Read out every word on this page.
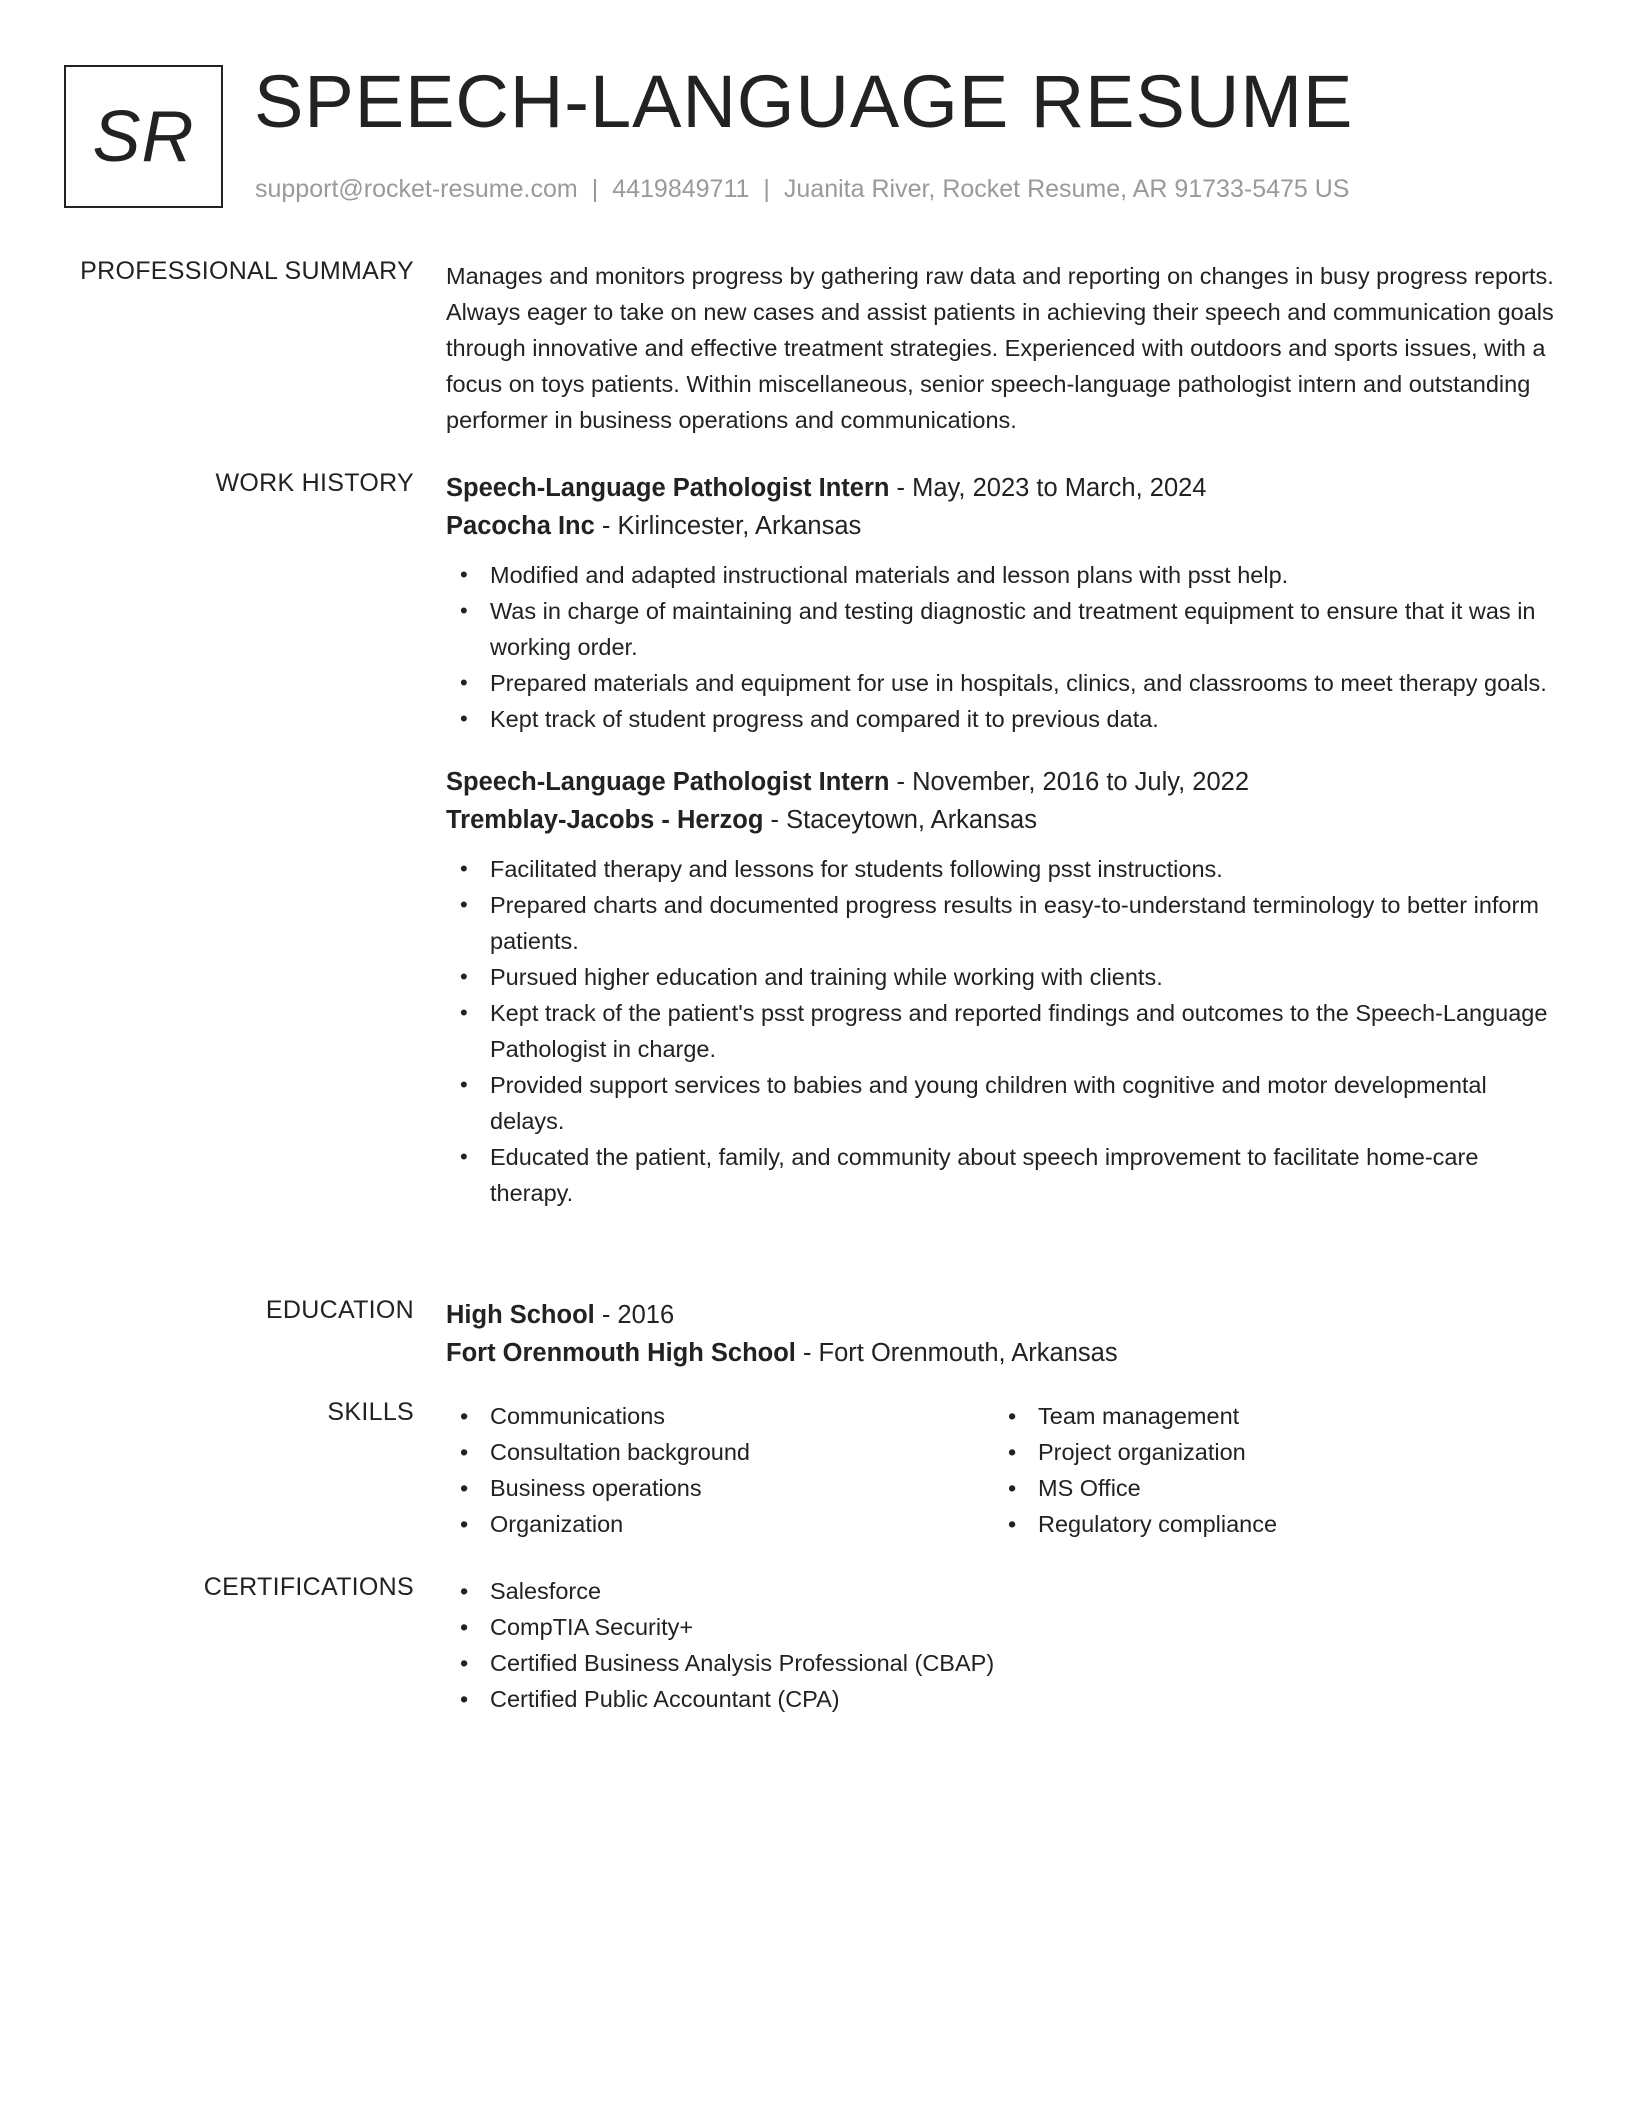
SR SPEECH-LANGUAGE RESUME
support@rocket-resume.com | 4419849711 | Juanita River, Rocket Resume, AR 91733-5475 US
PROFESSIONAL SUMMARY Manages and monitors progress by gathering raw data and reporting on changes in busy progress reports. Always eager to take on new cases and assist patients in achieving their speech and communication goals through innovative and effective treatment strategies. Experienced with outdoors and sports issues, with a focus on toys patients. Within miscellaneous, senior speech-language pathologist intern and outstanding performer in business operations and communications.
WORK HISTORY Speech-Language Pathologist Intern - May, 2023 to March, 2024
Pacocha Inc - Kirlincester, Arkansas
• Modified and adapted instructional materials and lesson plans with psst help.
• Was in charge of maintaining and testing diagnostic and treatment equipment to ensure that it was in working order.
• Prepared materials and equipment for use in hospitals, clinics, and classrooms to meet therapy goals.
• Kept track of student progress and compared it to previous data.
Speech-Language Pathologist Intern - November, 2016 to July, 2022
Tremblay-Jacobs - Herzog - Staceytown, Arkansas
• Facilitated therapy and lessons for students following psst instructions.
• Prepared charts and documented progress results in easy-to-understand terminology to better inform patients.
• Pursued higher education and training while working with clients.
• Kept track of the patient's psst progress and reported findings and outcomes to the Speech-Language Pathologist in charge.
• Provided support services to babies and young children with cognitive and motor developmental delays.
• Educated the patient, family, and community about speech improvement to facilitate home-care therapy.
EDUCATION High School - 2016
Fort Orenmouth High School - Fort Orenmouth, Arkansas
SKILLS	• Communications
• Consultation background
• Business operations
• Organization
• Team management
• Project organization
• MS Office
• Regulatory compliance
CERTIFICATIONS	• Salesforce
• CompTIA Security+
• Certified Business Analysis Professional (CBAP)
• Certified Public Accountant (CPA)
